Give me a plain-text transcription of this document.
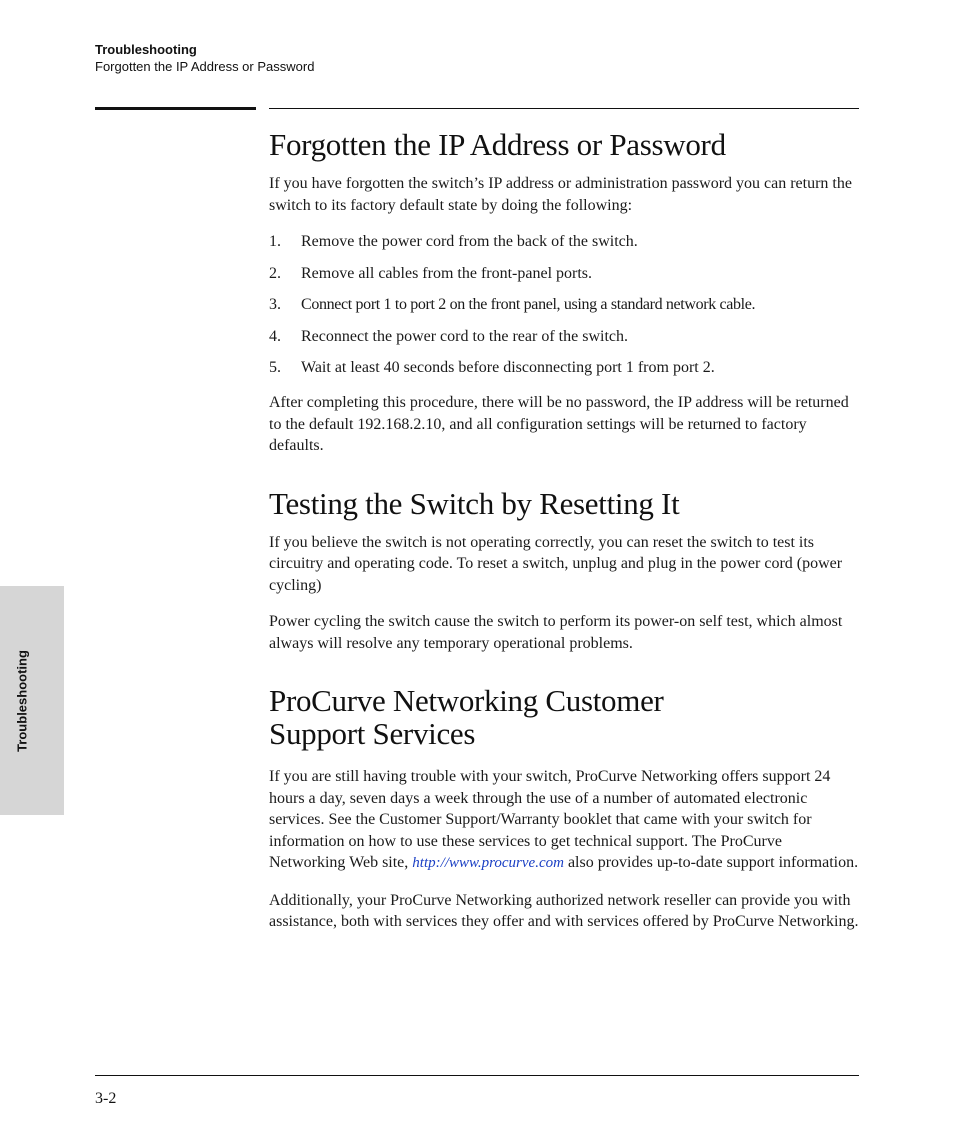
Troubleshooting
Forgotten the IP Address or Password
Forgotten the IP Address or Password

If you have forgotten the switch’s IP address or administration password you can return the switch to its factory default state by doing the following:

1.	Remove the power cord from the back of the switch.
2.	Remove all cables from the front-panel ports.
3.	Connect port 1 to port 2 on the front panel, using a standard network cable.
4.	Reconnect the power cord to the rear of the switch.
5.	Wait at least 40 seconds before disconnecting port 1 from port 2.

After completing this procedure, there will be no password, the IP address will be returned to the default 192.168.2.10, and all configuration settings will be returned to factory defaults.

Testing the Switch by Resetting It

If you believe the switch is not operating correctly, you can reset the switch to test its circuitry and operating code. To reset a switch, unplug and plug in the power cord (power cycling)

Power cycling the switch cause the switch to perform its power-on self test, which almost always will resolve any temporary operational problems.

ProCurve Networking Customer
Support Services

If you are still having trouble with your switch, ProCurve Networking offers support 24 hours a day, seven days a week through the use of a number of automated electronic services. See the Customer Support/Warranty booklet that came with your switch for information on how to use these services to get technical support. The ProCurve Networking Web site, http://www.procurve.com also provides up-to-date support information.

Additionally, your ProCurve Networking authorized network reseller can provide you with assistance, both with services they offer and with services offered by ProCurve Networking.

Troubleshooting
3-2
